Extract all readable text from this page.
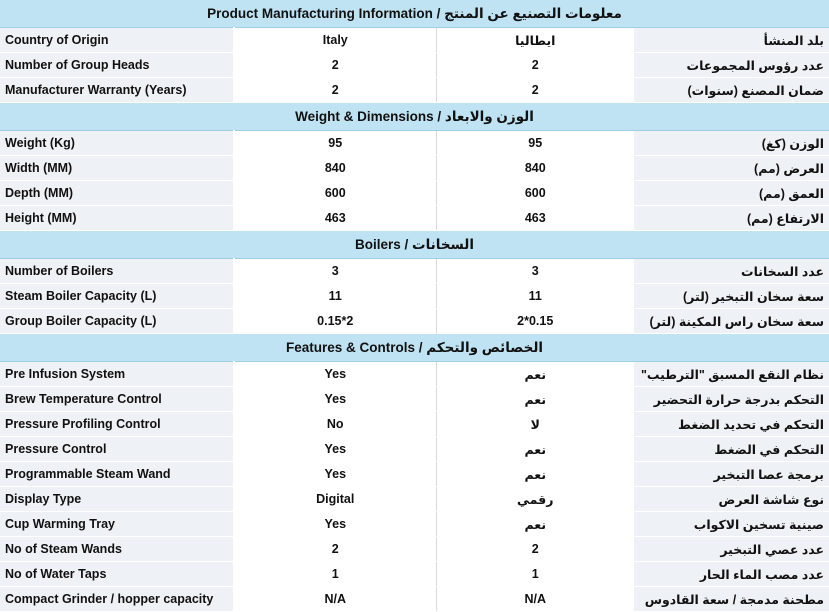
Product Manufacturing Information / معلومات التصنيع عن المنتج			
Country of Origin	Italy	ايطاليا	بلد المنشأ
Number of Group Heads	2	2	عدد رؤوس المجموعات
Manufacturer Warranty (Years)	2	2	ضمان المصنع (سنوات)
Weight & Dimensions / الوزن والابعاد			
Weight (Kg)	95	95	الوزن (كغ)
Width (MM)	840	840	العرض (مم)
Depth (MM)	600	600	العمق (مم)
Height (MM)	463	463	الارتفاع (مم)
Boilers / السخانات			
Number of Boilers	3	3	عدد السخانات
Steam Boiler Capacity (L)	11	11	سعة سخان التبخير (لتر)
Group Boiler Capacity (L)	0.15*2	0.15*2	سعة سخان راس المكينة (لتر)
Features & Controls / الخصائص والتحكم			
Pre Infusion System	Yes	نعم	نظام النقع المسبق "الترطيب"
Brew Temperature Control	Yes	نعم	التحكم بدرجة حرارة التحضير
Pressure Profiling Control	No	لا	التحكم في تحديد الضغط
Pressure Control	Yes	نعم	التحكم في الضغط
Programmable Steam Wand	Yes	نعم	برمجة عصا التبخير
Display Type	Digital	رقمي	نوع شاشة العرض
Cup Warming Tray	Yes	نعم	صينية تسخين الاكواب
No of Steam Wands	2	2	عدد عصي التبخير
No of Water Taps	1	1	عدد مصب الماء الحار
Compact Grinder / hopper capacity	N/A	N/A	مطحنة مدمجة / سعة القادوس
